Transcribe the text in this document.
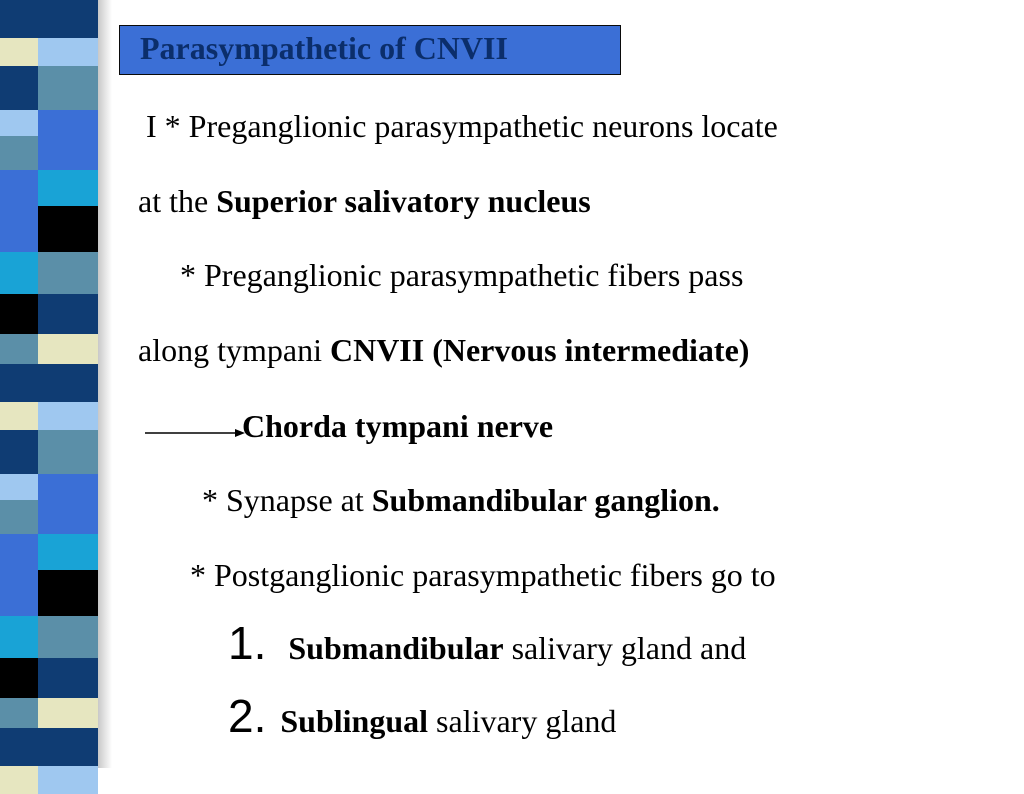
Parasympathetic of CNVII
I * Preganglionic parasympathetic neurons locate
at the Superior salivatory nucleus
* Preganglionic parasympathetic fibers pass
along tympani CNVII (Nervous intermediate)
Chorda tympani nerve
* Synapse at Submandibular ganglion.
* Postganglionic parasympathetic fibers go to
1. Submandibular salivary gland and
2. Sublingual salivary gland
